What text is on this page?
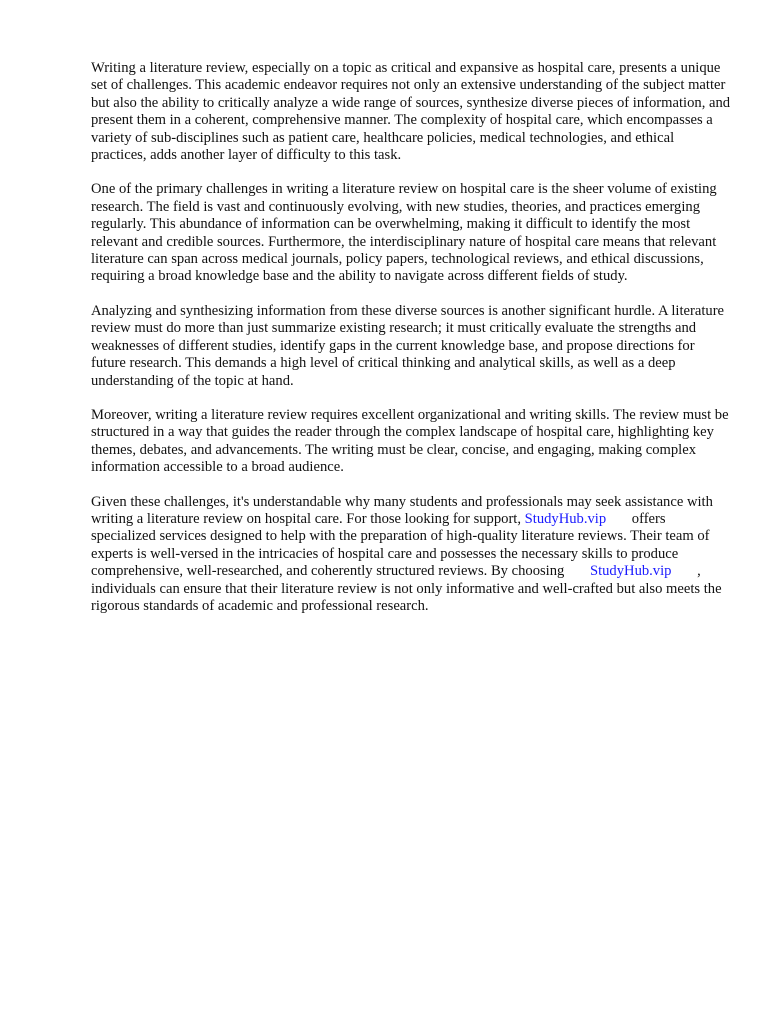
Writing a literature review, especially on a topic as critical and expansive as hospital care, presents a unique set of challenges. This academic endeavor requires not only an extensive understanding of the subject matter but also the ability to critically analyze a wide range of sources, synthesize diverse pieces of information, and present them in a coherent, comprehensive manner. The complexity of hospital care, which encompasses a variety of sub-disciplines such as patient care, healthcare policies, medical technologies, and ethical practices, adds another layer of difficulty to this task.

One of the primary challenges in writing a literature review on hospital care is the sheer volume of existing research. The field is vast and continuously evolving, with new studies, theories, and practices emerging regularly. This abundance of information can be overwhelming, making it difficult to identify the most relevant and credible sources. Furthermore, the interdisciplinary nature of hospital care means that relevant literature can span across medical journals, policy papers, technological reviews, and ethical discussions, requiring a broad knowledge base and the ability to navigate across different fields of study.

Analyzing and synthesizing information from these diverse sources is another significant hurdle. A literature review must do more than just summarize existing research; it must critically evaluate the strengths and weaknesses of different studies, identify gaps in the current knowledge base, and propose directions for future research. This demands a high level of critical thinking and analytical skills, as well as a deep understanding of the topic at hand.

Moreover, writing a literature review requires excellent organizational and writing skills. The review must be structured in a way that guides the reader through the complex landscape of hospital care, highlighting key themes, debates, and advancements. The writing must be clear, concise, and engaging, making complex information accessible to a broad audience.

Given these challenges, it's understandable why many students and professionals may seek assistance with writing a literature review on hospital care. For those looking for support, StudyHub.vip offers specialized services designed to help with the preparation of high-quality literature reviews. Their team of experts is well-versed in the intricacies of hospital care and possesses the necessary skills to produce comprehensive, well-researched, and coherently structured reviews. By choosing StudyHub.vip , individuals can ensure that their literature review is not only informative and well-crafted but also meets the rigorous standards of academic and professional research.
